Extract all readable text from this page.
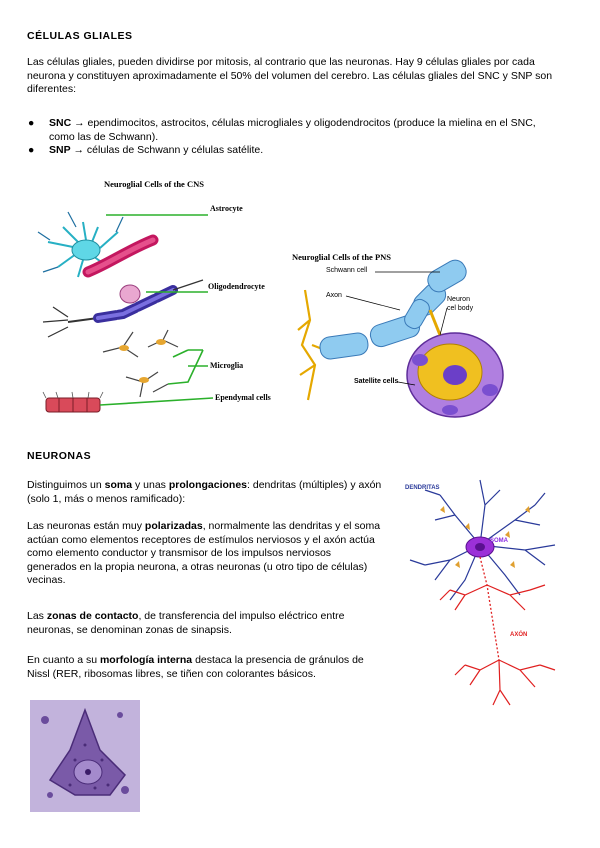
CÉLULAS GLIALES
Las células gliales, pueden dividirse por mitosis, al contrario que las neuronas. Hay 9 células gliales por cada neurona y constituyen aproximadamente el 50% del volumen del cerebro. Las células gliales del SNC y SNP son diferentes:
● SNC → ependimocitos, astrocitos, células microgliales y oligodendrocitos (produce la mielina en el SNC, como las de Schwann).
● SNP → células de Schwann y células satélite.
Neuroglial Cells of the CNS
Astrocyte
Oligodendrocyte
Microglia
Ependymal cells
Neuroglial Cells of the PNS
Schwann cell
Axon
Neuron
cel body
Satellite cells
NEURONAS
Distinguimos un soma y unas prolongaciones: dendritas (múltiples) y axón (solo 1, más o menos ramificado):
Las neuronas están muy polarizadas, normalmente las dendritas y el soma actúan como elementos receptores de estímulos nerviosos y el axón actúa como elemento conductor y transmisor de los impulsos nerviosos generados en la propia neurona, a otras neuronas (u otro tipo de células) vecinas.
Las zonas de contacto, de transferencia del impulso eléctrico entre neuronas, se denominan zonas de sinapsis.
En cuanto a su morfología interna destaca la presencia de gránulos de Nissl (RER, ribosomas libres, se tiñen con colorantes básicos.
DENDRITAS
SOMA
AXÓN
